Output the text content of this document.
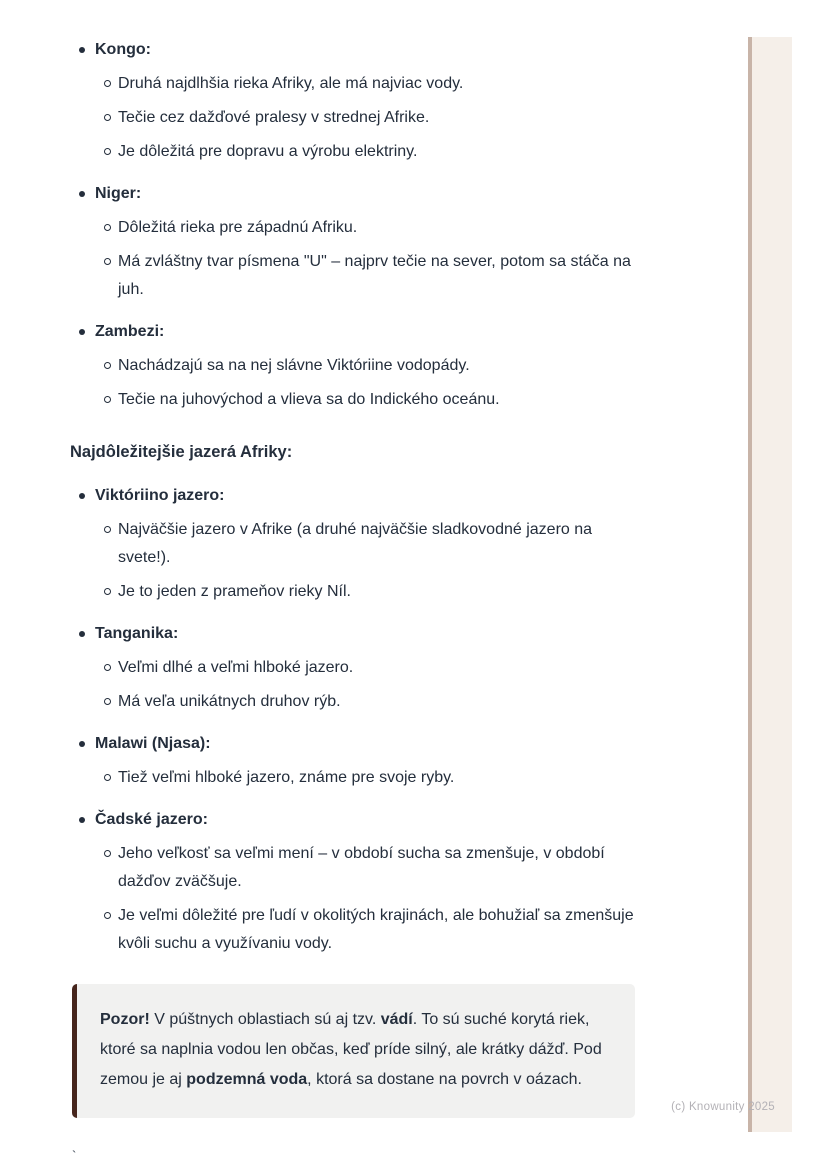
Kongo:
Druhá najdlhšia rieka Afriky, ale má najviac vody.
Tečie cez dažďové pralesy v strednej Afrike.
Je dôležitá pre dopravu a výrobu elektriny.
Niger:
Dôležitá rieka pre západnú Afriku.
Má zvláštny tvar písmena "U" – najprv tečie na sever, potom sa stáča na juh.
Zambezi:
Nachádzajú sa na nej slávne Viktóriine vodopády.
Tečie na juhovýchod a vlieva sa do Indického oceánu.
Najdôležitejšie jazerá Afriky:
Viktóriino jazero:
Najväčšie jazero v Afrike (a druhé najväčšie sladkovodné jazero na svete!).
Je to jeden z prameňov rieky Níl.
Tanganika:
Veľmi dlhé a veľmi hlboké jazero.
Má veľa unikátnych druhov rýb.
Malawi (Njasa):
Tiež veľmi hlboké jazero, známe pre svoje ryby.
Čadské jazero:
Jeho veľkosť sa veľmi mení – v období sucha sa zmenšuje, v období dažďov zväčšuje.
Je veľmi dôležité pre ľudí v okolitých krajinách, ale bohužiaľ sa zmenšuje kvôli suchu a využívaniu vody.
Pozor! V púštnych oblastiach sú aj tzv. vádí. To sú suché korytá riek, ktoré sa naplnia vodou len občas, keď príde silný, ale krátky dážď. Pod zemou je aj podzemná voda, ktorá sa dostane na povrch v oázach.
`
(c) Knowunity 2025
